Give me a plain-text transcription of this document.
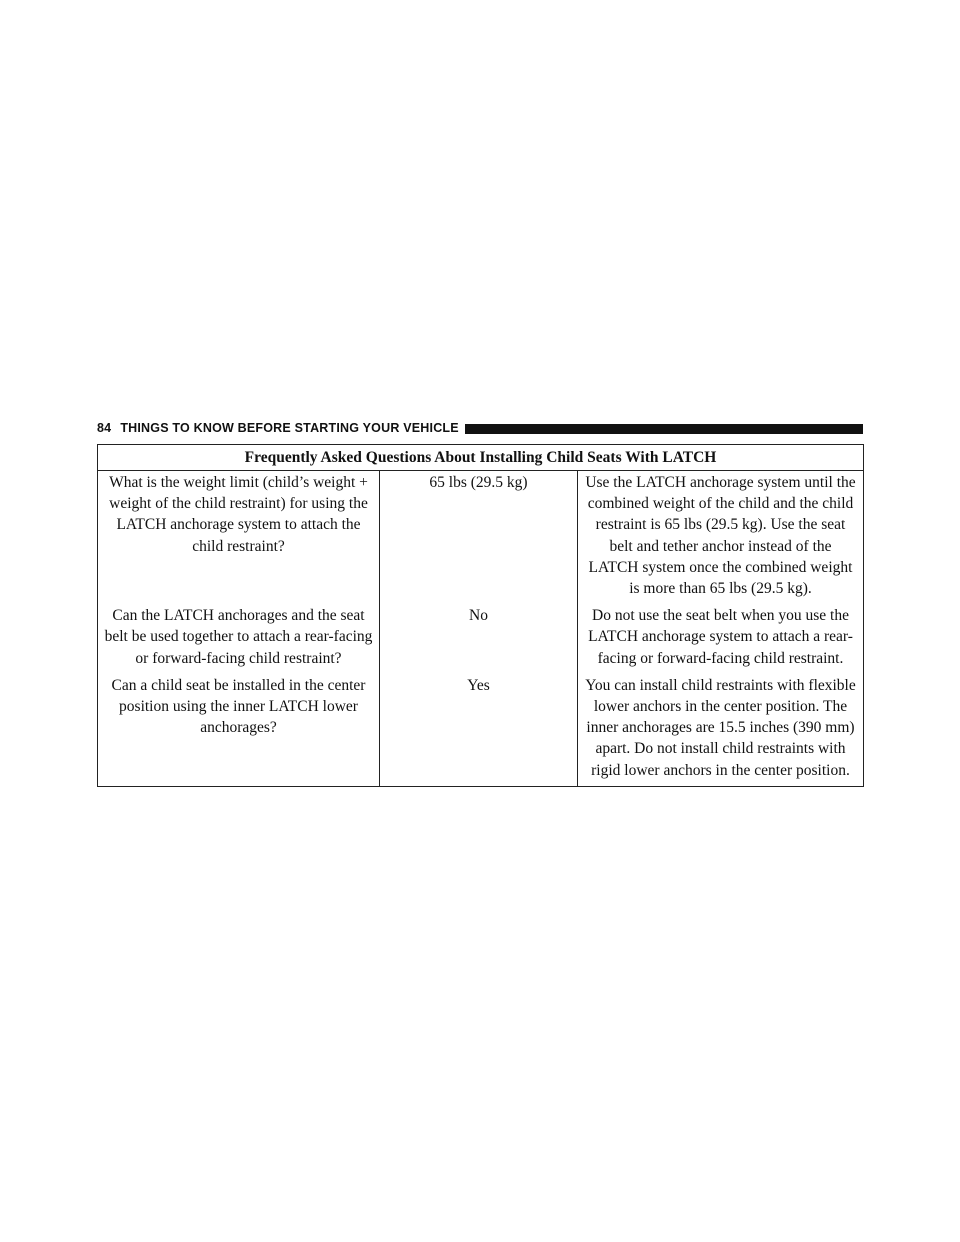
84 THINGS TO KNOW BEFORE STARTING YOUR VEHICLE
Frequently Asked Questions About Installing Child Seats With LATCH		
What is the weight limit (child’s weight + weight of the child restraint) for using the LATCH anchorage system to attach the child restraint?	65 lbs (29.5 kg)	Use the LATCH anchorage system until the combined weight of the child and the child restraint is 65 lbs (29.5 kg). Use the seat belt and tether anchor instead of the LATCH system once the combined weight is more than 65 lbs (29.5 kg).
Can the LATCH anchorages and the seat belt be used together to attach a rear-facing or forward-facing child restraint?	No	Do not use the seat belt when you use the LATCH anchorage system to attach a rear-facing or forward-facing child restraint.
Can a child seat be installed in the center position using the inner LATCH lower anchorages?	Yes	You can install child restraints with flexible lower anchors in the center position. The inner anchorages are 15.5 inches (390 mm) apart. Do not install child restraints with rigid lower anchors in the center position.
